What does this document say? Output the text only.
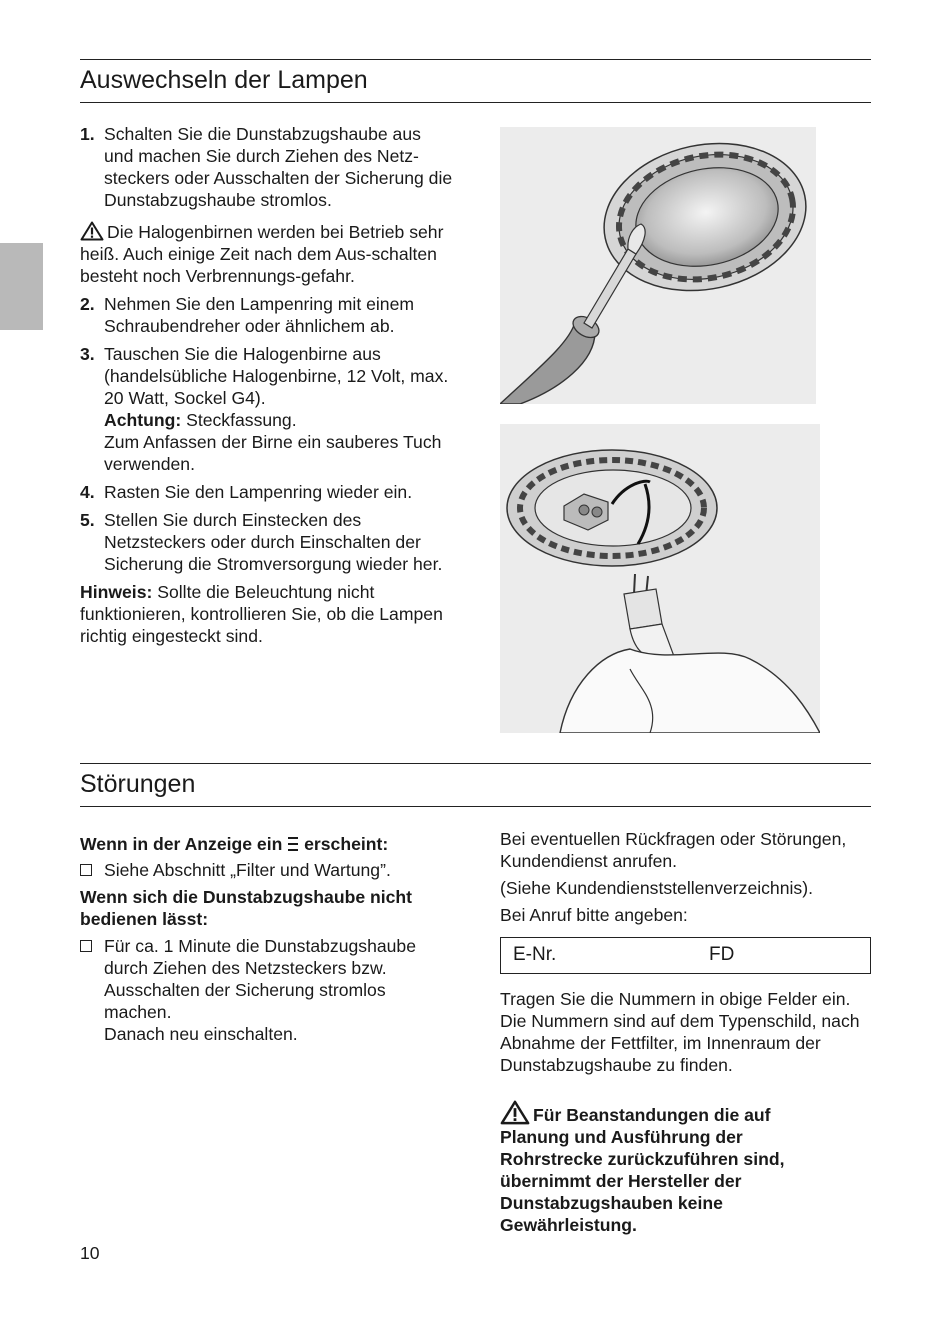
Auswechseln der Lampen
1. Schalten Sie die Dunstabzugshaube aus und machen Sie durch Ziehen des Netz-steckers oder Ausschalten der Sicherung die Dunstabzugshaube stromlos.

Die Halogenbirnen werden bei Betrieb sehr heiß. Auch einige Zeit nach dem Aus-schalten besteht noch Verbrennungs-gefahr.

2. Nehmen Sie den Lampenring mit einem Schraubendreher oder ähnlichem ab.
3. Tauschen Sie die Halogenbirne aus (handelsübliche Halogenbirne, 12 Volt, max. 20 Watt, Sockel G4).
Achtung: Steckfassung.
Zum Anfassen der Birne ein sauberes Tuch verwenden.
4. Rasten Sie den Lampenring wieder ein.
5. Stellen Sie durch Einstecken des Netzsteckers oder durch Einschalten der Sicherung die Stromversorgung wieder her.

Hinweis: Sollte die Beleuchtung nicht funktionieren, kontrollieren Sie, ob die Lampen richtig eingesteckt sind.

Störungen

Wenn in der Anzeige ein erscheint:

Siehe Abschnitt „Filter und Wartung”.

Wenn sich die Dunstabzugshaube nicht bedienen lässt:

Für ca. 1 Minute die Dunstabzugshaube durch Ziehen des Netzsteckers bzw. Ausschalten der Sicherung stromlos machen.
Danach neu einschalten.

Bei eventuellen Rückfragen oder Störungen, Kundendienst anrufen.

(Siehe Kundendienststellenverzeichnis).

Bei Anruf bitte angeben:

E-Nr.	FD

Tragen Sie die Nummern in obige Felder ein. Die Nummern sind auf dem Typenschild, nach Abnahme der Fettfilter, im Innenraum der Dunstabzugshaube zu finden.

Für Beanstandungen die auf Planung und Ausführung der Rohrstrecke zurückzuführen sind, übernimmt der Hersteller der Dunstabzugshauben keine Gewährleistung.

10
